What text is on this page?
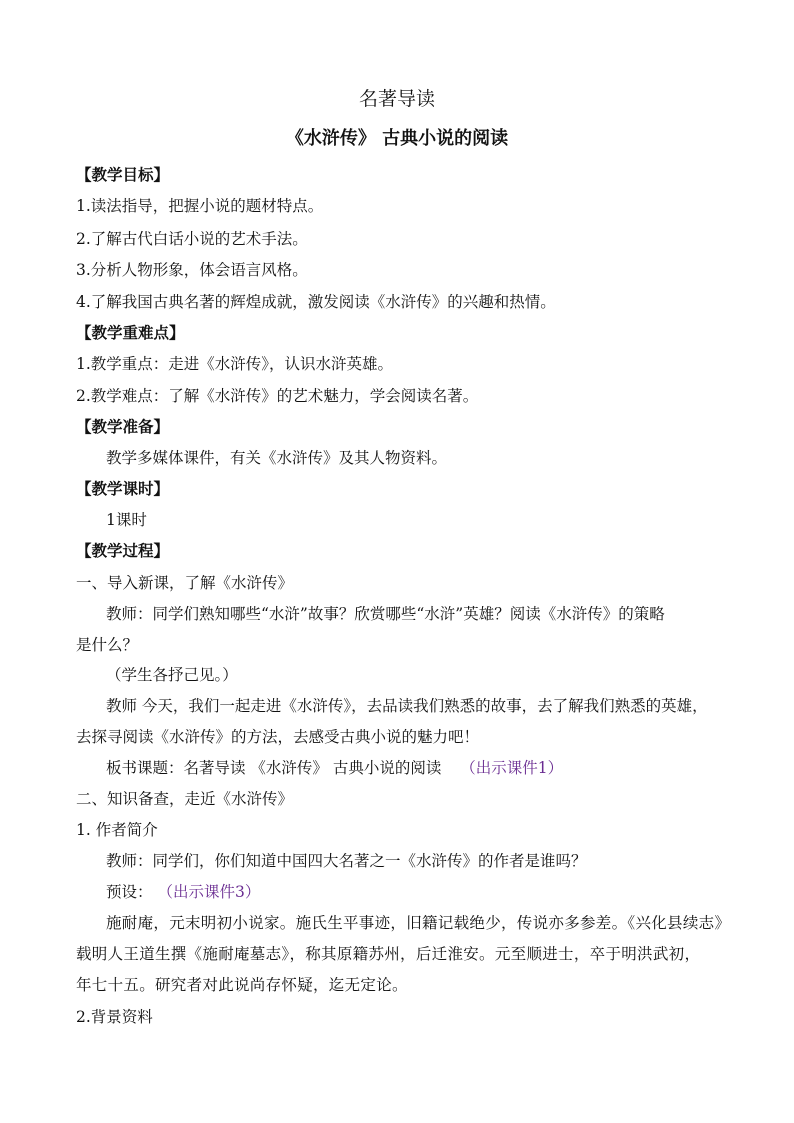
名著导读
《水浒传》 古典小说的阅读
【教学目标】
1.读法指导，把握小说的题材特点。
2.了解古代白话小说的艺术手法。
3.分析人物形象，体会语言风格。
4.了解我国古典名著的辉煌成就，激发阅读《水浒传》的兴趣和热情。
【教学重难点】
1.教学重点：走进《水浒传》，认识水浒英雄。
2.教学难点：了解《水浒传》的艺术魅力，学会阅读名著。
【教学准备】
教学多媒体课件，有关《水浒传》及其人物资料。
【教学课时】
1课时
【教学过程】
一、导入新课，了解《水浒传》
教师：同学们熟知哪些“水浒”故事？欣赏哪些“水浒”英雄？阅读《水浒传》的策略
是什么？
（学生各抒己见。）
教师 今天，我们一起走进《水浒传》，去品读我们熟悉的故事，去了解我们熟悉的英雄，
去探寻阅读《水浒传》的方法，去感受古典小说的魅力吧！
板书课题：名著导读 《水浒传》 古典小说的阅读 （出示课件1）
二、知识备查，走近《水浒传》
1. 作者简介
教师：同学们，你们知道中国四大名著之一《水浒传》的作者是谁吗？
预设： （出示课件3）
施耐庵，元末明初小说家。施氏生平事迹，旧籍记载绝少，传说亦多参差。《兴化县续志》
载明人王道生撰《施耐庵墓志》，称其原籍苏州，后迁淮安。元至顺进士，卒于明洪武初，
年七十五。研究者对此说尚存怀疑，迄无定论。
2.背景资料
